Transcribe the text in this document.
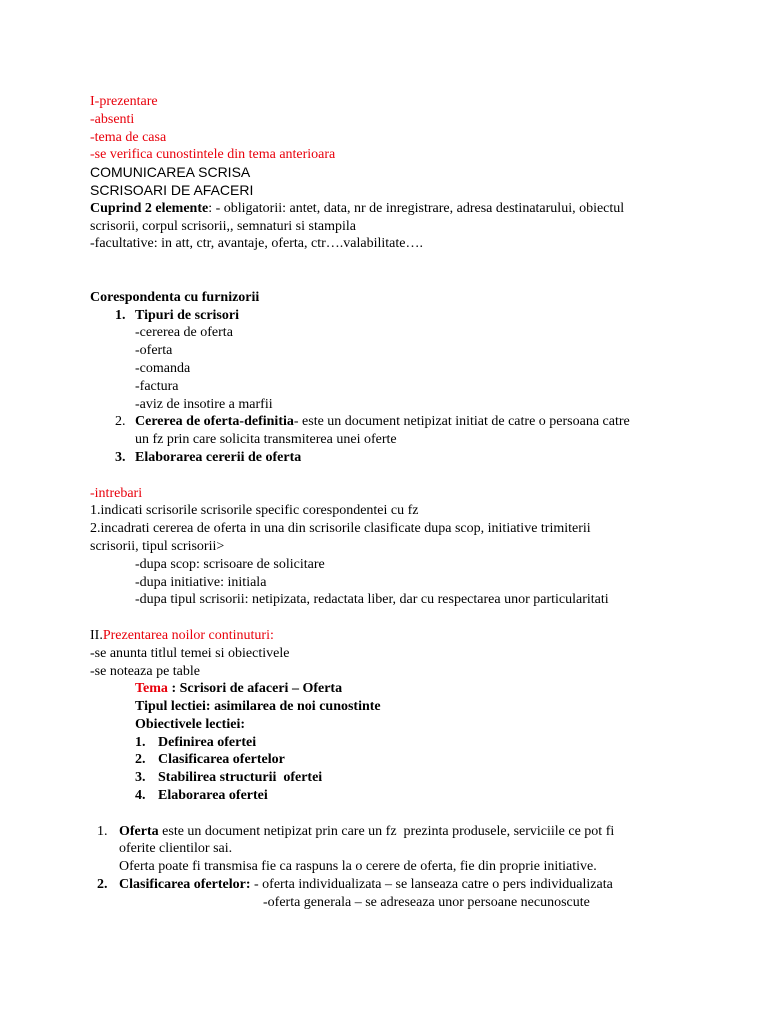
I-prezentare
-absenti
-tema de casa
-se verifica cunostintele din tema anterioara
COMUNICAREA SCRISA
SCRISOARI DE AFACERI
Cuprind 2 elemente: - obligatorii: antet, data, nr de inregistrare, adresa destinatarului, obiectul
scrisorii, corpul scrisorii,, semnaturi si stampila
-facultative: in att, ctr, avantaje, oferta, ctr….valabilitate….
Corespondenta cu furnizorii
1. Tipuri de scrisori
-cererea de oferta
-oferta
-comanda
-factura
-aviz de insotire a marfii
2. Cererea de oferta-definitia- este un document netipizat initiat de catre o persoana catre
un fz prin care solicita transmiterea unei oferte
3. Elaborarea cererii de oferta
-intrebari
1.indicati scrisorile scrisorile specific corespondentei cu fz
2.incadrati cererea de oferta in una din scrisorile clasificate dupa scop, initiative trimiterii
scrisorii, tipul scrisorii>
-dupa scop: scrisoare de solicitare
-dupa initiative: initiala
-dupa tipul scrisorii: netipizata, redactata liber, dar cu respectarea unor particularitati
II.Prezentarea noilor continuturi:
-se anunta titlul temei si obiectivele
-se noteaza pe table
Tema : Scrisori de afaceri – Oferta
Tipul lectiei: asimilarea de noi cunostinte
Obiectivele lectiei:
1. Definirea ofertei
2. Clasificarea ofertelor
3. Stabilirea structurii  ofertei
4. Elaborarea ofertei
1. Oferta este un document netipizat prin care un fz  prezinta produsele, serviciile ce pot fi
oferite clientilor sai.
Oferta poate fi transmisa fie ca raspuns la o cerere de oferta, fie din proprie initiative.
2. Clasificarea ofertelor: - oferta individualizata – se lanseaza catre o pers individualizata
-oferta generala – se adreseaza unor persoane necunoscute
